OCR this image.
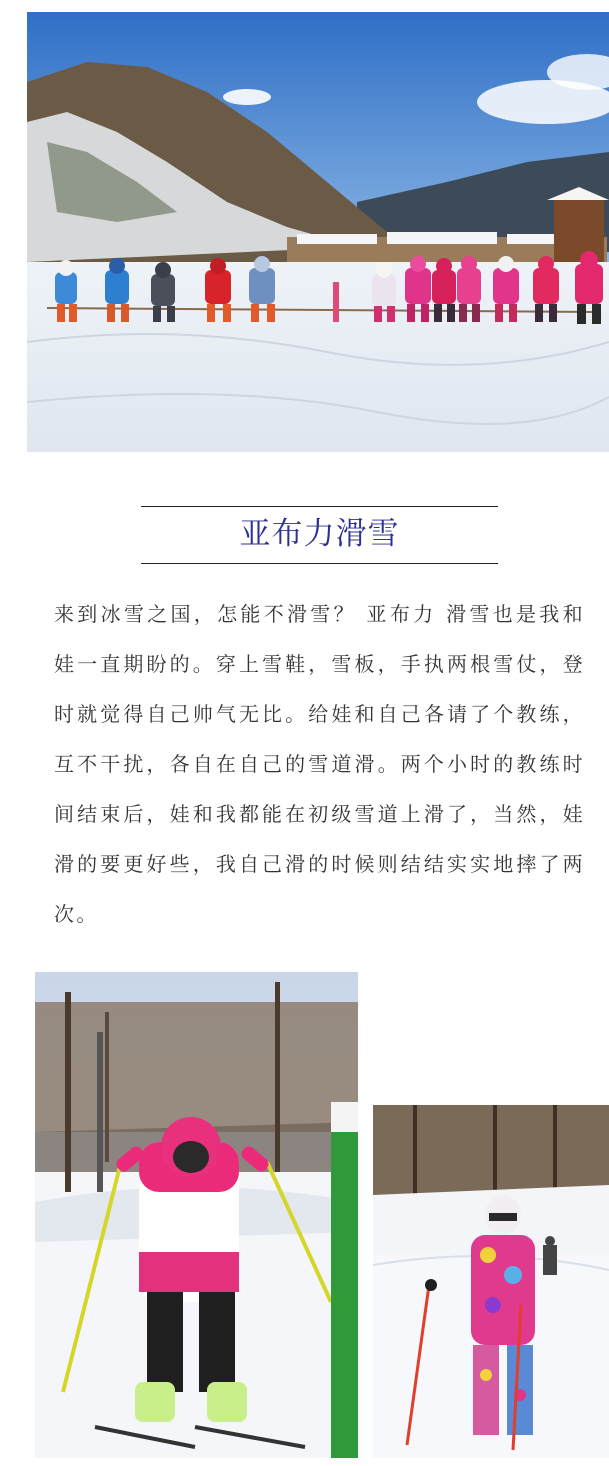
亚布力滑雪
来到冰雪之国，怎能不滑雪？ 亚布力 滑雪也是我和娃一直期盼的。穿上雪鞋，雪板，手执两根雪仗，登时就觉得自己帅气无比。给娃和自己各请了个教练，互不干扰，各自在自己的雪道滑。两个小时的教练时间结束后，娃和我都能在初级雪道上滑了，当然，娃滑的要更好些，我自己滑的时候则结结实实地摔了两次。
